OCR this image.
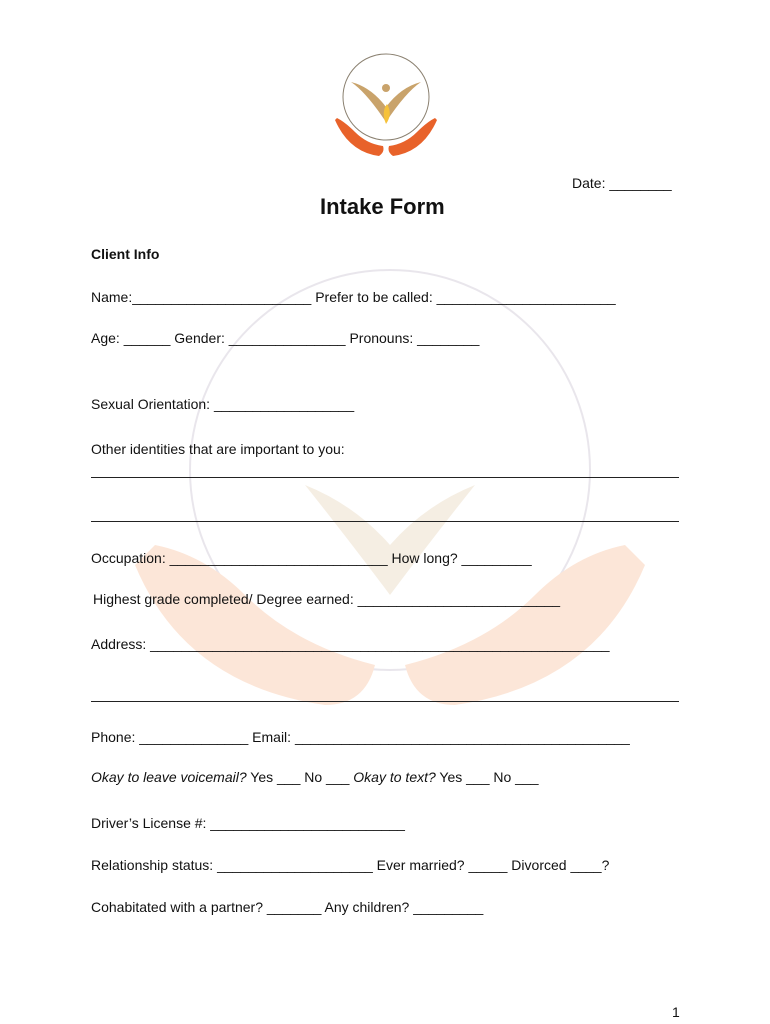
Date: ________
Intake Form
Client Info
Name:_______________________ Prefer to be called: _______________________
Age: ______ Gender: _______________ Pronouns: ________
Sexual Orientation: __________________
Other identities that are important to you:
Occupation: ____________________________ How long? _________
Highest grade completed/ Degree earned: __________________________
Address: ___________________________________________________________
Phone: ______________ Email: ___________________________________________
Okay to leave voicemail? Yes ___ No ___ Okay to text? Yes ___ No ___
Driver’s License #: _________________________
Relationship status: ____________________ Ever married? _____ Divorced ____?
Cohabitated with a partner? _______ Any children? _________
1
